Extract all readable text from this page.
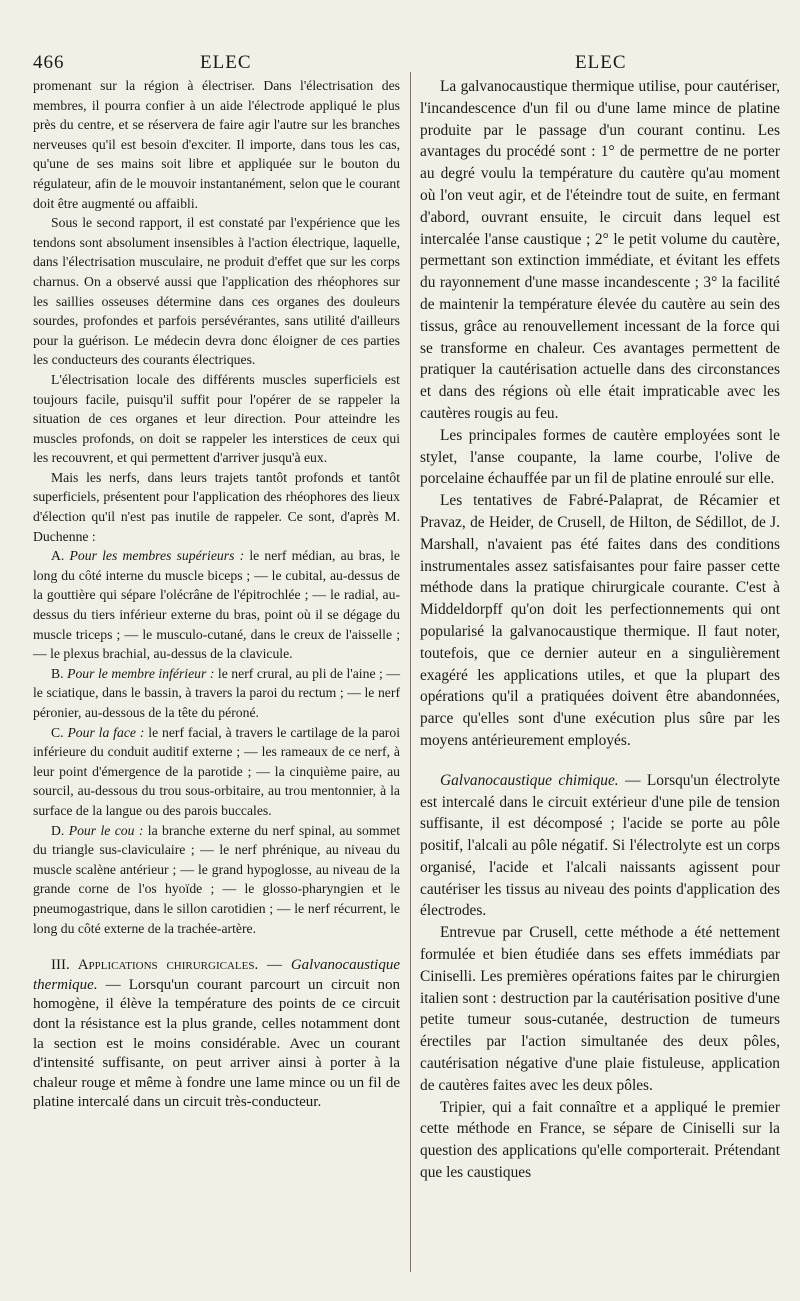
466	ELEC	ELEC

promenant sur la région à électriser. Dans l'électrisation des membres, il pourra confier à un aide l'électrode appliqué le plus près du centre, et se réservera de faire agir l'autre sur les branches nerveuses qu'il est besoin d'exciter. Il importe, dans tous les cas, qu'une de ses mains soit libre et appliquée sur le bouton du régulateur, afin de le mouvoir instantanément, selon que le courant doit être augmenté ou affaibli.

Sous le second rapport, il est constaté par l'expérience que les tendons sont absolument insensibles à l'action électrique, laquelle, dans l'électrisation musculaire, ne produit d'effet que sur les corps charnus. On a observé aussi que l'application des rhéophores sur les saillies osseuses détermine dans ces organes des douleurs sourdes, profondes et parfois persévérantes, sans utilité d'ailleurs pour la guérison. Le médecin devra donc éloigner de ces parties les conducteurs des courants électriques.

L'électrisation locale des différents muscles superficiels est toujours facile, puisqu'il suffit pour l'opérer de se rappeler la situation de ces organes et leur direction. Pour atteindre les muscles profonds, on doit se rappeler les interstices de ceux qui les recouvrent, et qui permettent d'arriver jusqu'à eux.

Mais les nerfs, dans leurs trajets tantôt profonds et tantôt superficiels, présentent pour l'application des rhéophores des lieux d'élection qu'il n'est pas inutile de rappeler. Ce sont, d'après M. Duchenne :

A. Pour les membres supérieurs : le nerf médian, au bras, le long du côté interne du muscle biceps ; — le cubital, au-dessus de la gouttière qui sépare l'olécrâne de l'épitrochlée ; — le radial, au-dessus du tiers inférieur externe du bras, point où il se dégage du muscle triceps ; — le musculo-cutané, dans le creux de l'aisselle ; — le plexus brachial, au-dessus de la clavicule.

B. Pour le membre inférieur : le nerf crural, au pli de l'aine ; — le sciatique, dans le bassin, à travers la paroi du rectum ; — le nerf péronier, au-dessous de la tête du péroné.

C. Pour la face : le nerf facial, à travers le cartilage de la paroi inférieure du conduit auditif externe ; — les rameaux de ce nerf, à leur point d'émergence de la parotide ; — la cinquième paire, au sourcil, au-dessous du trou sous-orbitaire, au trou mentonnier, à la surface de la langue ou des parois buccales.

D. Pour le cou : la branche externe du nerf spinal, au sommet du triangle sus-claviculaire ; — le nerf phrénique, au niveau du muscle scalène antérieur ; — le grand hypoglosse, au niveau de la grande corne de l'os hyoïde ; — le glosso-pharyngien et le pneumogastrique, dans le sillon carotidien ; — le nerf récurrent, le long du côté externe de la trachée-artère.

III. Applications chirurgicales. — Galvanocaustique thermique. — Lorsqu'un courant parcourt un circuit non homogène, il élève la température des points de ce circuit dont la résistance est la plus grande, celles notamment dont la section est le moins considérable. Avec un courant d'intensité suffisante, on peut arriver ainsi à porter à la chaleur rouge et même à fondre une lame mince ou un fil de platine intercalé dans un circuit très-conducteur.

La galvanocaustique thermique utilise, pour cautériser, l'incandescence d'un fil ou d'une lame mince de platine produite par le passage d'un courant continu. Les avantages du procédé sont : 1° de permettre de ne porter au degré voulu la température du cautère qu'au moment où l'on veut agir, et de l'éteindre tout de suite, en fermant d'abord, ouvrant ensuite, le circuit dans lequel est intercalée l'anse caustique ; 2° le petit volume du cautère, permettant son extinction immédiate, et évitant les effets du rayonnement d'une masse incandescente ; 3° la facilité de maintenir la température élevée du cautère au sein des tissus, grâce au renouvellement incessant de la force qui se transforme en chaleur. Ces avantages permettent de pratiquer la cautérisation actuelle dans des circonstances et dans des régions où elle était impraticable avec les cautères rougis au feu.

Les principales formes de cautère employées sont le stylet, l'anse coupante, la lame courbe, l'olive de porcelaine échauffée par un fil de platine enroulé sur elle.

Les tentatives de Fabré-Palaprat, de Récamier et Pravaz, de Heider, de Crusell, de Hilton, de Sédillot, de J. Marshall, n'avaient pas été faites dans des conditions instrumentales assez satisfaisantes pour faire passer cette méthode dans la pratique chirurgicale courante. C'est à Middeldorpff qu'on doit les perfectionnements qui ont popularisé la galvanocaustique thermique. Il faut noter, toutefois, que ce dernier auteur en a singulièrement exagéré les applications utiles, et que la plupart des opérations qu'il a pratiquées doivent être abandonnées, parce qu'elles sont d'une exécution plus sûre par les moyens antérieurement employés.

Galvanocaustique chimique. — Lorsqu'un électrolyte est intercalé dans le circuit extérieur d'une pile de tension suffisante, il est décomposé ; l'acide se porte au pôle positif, l'alcali au pôle négatif. Si l'électrolyte est un corps organisé, l'acide et l'alcali naissants agissent pour cautériser les tissus au niveau des points d'application des électrodes.

Entrevue par Crusell, cette méthode a été nettement formulée et bien étudiée dans ses effets immédiats par Ciniselli. Les premières opérations faites par le chirurgien italien sont : destruction par la cautérisation positive d'une petite tumeur sous-cutanée, destruction de tumeurs érectiles par l'action simultanée des deux pôles, cautérisation négative d'une plaie fistuleuse, application de cautères faites avec les deux pôles.

Tripier, qui a fait connaître et a appliqué le premier cette méthode en France, se sépare de Ciniselli sur la question des applications qu'elle comporterait. Prétendant que les caustiques
